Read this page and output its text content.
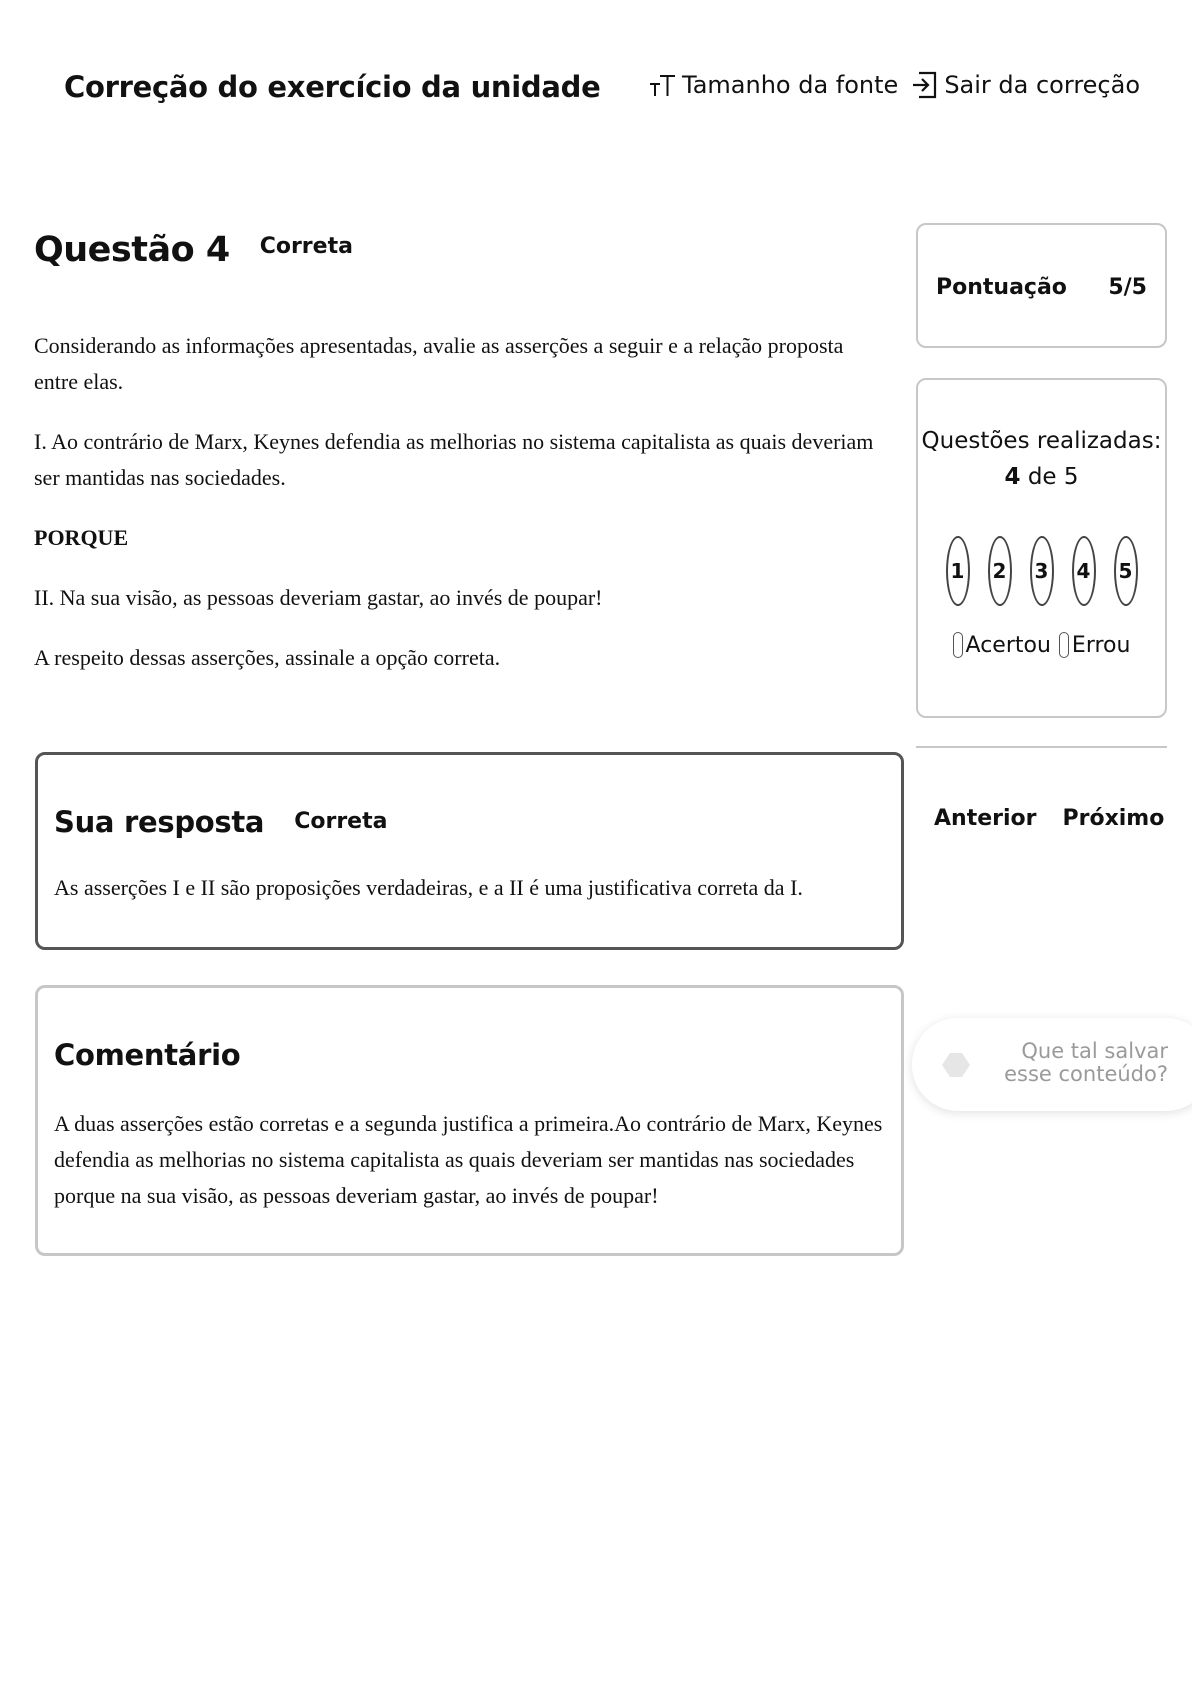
Correção do exercício da unidade	Tamanho da fonte Sair da correção
Questão 4 Correta

Considerando as informações apresentadas, avalie as asserções a seguir e a relação proposta entre elas.

I. Ao contrário de Marx, Keynes defendia as melhorias no sistema capitalista as quais deveriam ser mantidas nas sociedades.

PORQUE

II. Na sua visão, as pessoas deveriam gastar, ao invés de poupar!

A respeito dessas asserções, assinale a opção correta.

Pontuação 5/5
Questões realizadas:
4 de 5
1 2 3 4 5
Acertou Errou
Anterior Próximo
Sua resposta Correta
As asserções I e II são proposições verdadeiras, e a II é uma justificativa correta da I.
Comentário
A duas asserções estão corretas e a segunda justifica a primeira.Ao contrário de Marx, Keynes defendia as melhorias no sistema capitalista as quais deveriam ser mantidas nas sociedades porque na sua visão, as pessoas deveriam gastar, ao invés de poupar!
Que tal salvar
esse conteúdo?
